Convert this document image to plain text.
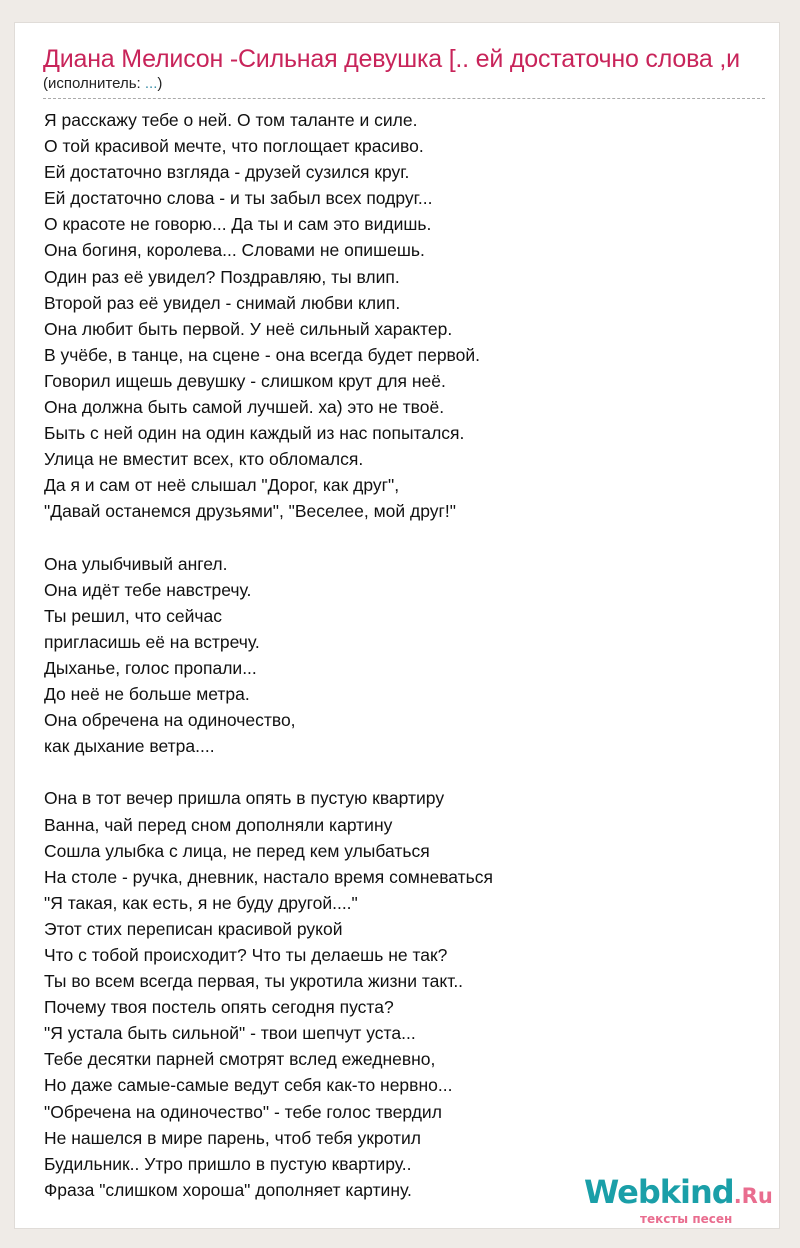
Диана Мелисон -Сильная девушка [.. ей достаточно слова ,и
(исполнитель: ...)
Я расскажу тебе о ней. О том таланте и силе.
О той красивой мечте, что поглощает красиво.
Ей достаточно взгляда - друзей сузился круг.
Ей достаточно слова - и ты забыл всех подруг...
О красоте не говорю... Да ты и сам это видишь.
Она богиня, королева... Словами не опишешь.
Один раз её увидел? Поздравляю, ты влип.
Второй раз её увидел - снимай любви клип.
Она любит быть первой. У неё сильный характер.
В учёбе, в танце, на сцене - она всегда будет первой.
Говорил ищешь девушку - слишком крут для неё.
Она должна быть самой лучшей. ха) это не твоё.
Быть с ней один на один каждый из нас попытался.
Улица не вместит всех, кто обломался.
Да я и сам от неё слышал "Дорог, как друг",
"Давай останемся друзьями", "Веселее, мой друг!"
Она улыбчивый ангел.
Она идёт тебе навстречу.
Ты решил, что сейчас
пригласишь её на встречу.
Дыханье, голос пропали...
До неё не больше метра.
Она обречена на одиночество,
как дыхание ветра....
Она в тот вечер пришла опять в пустую квартиру
Ванна, чай перед сном дополняли картину
Сошла улыбка с лица, не перед кем улыбаться
На столе - ручка, дневник, настало время сомневаться
"Я такая, как есть, я не буду другой...."
Этот стих переписан красивой рукой
Что с тобой происходит? Что ты делаешь не так?
Ты во всем всегда первая, ты укротила жизни такт..
Почему твоя постель опять сегодня пуста?
"Я устала быть сильной" - твои шепчут уста...
Тебе десятки парней смотрят вслед ежедневно,
Но даже самые-самые ведут себя как-то нервно...
"Обречена на одиночество" - тебе голос твердил
Не нашелся в мире парень, чтоб тебя укротил
Будильник.. Утро пришло в пустую квартиру..
Фраза "слишком хороша" дополняет картину.	Webkind.Ru
тексты песен
